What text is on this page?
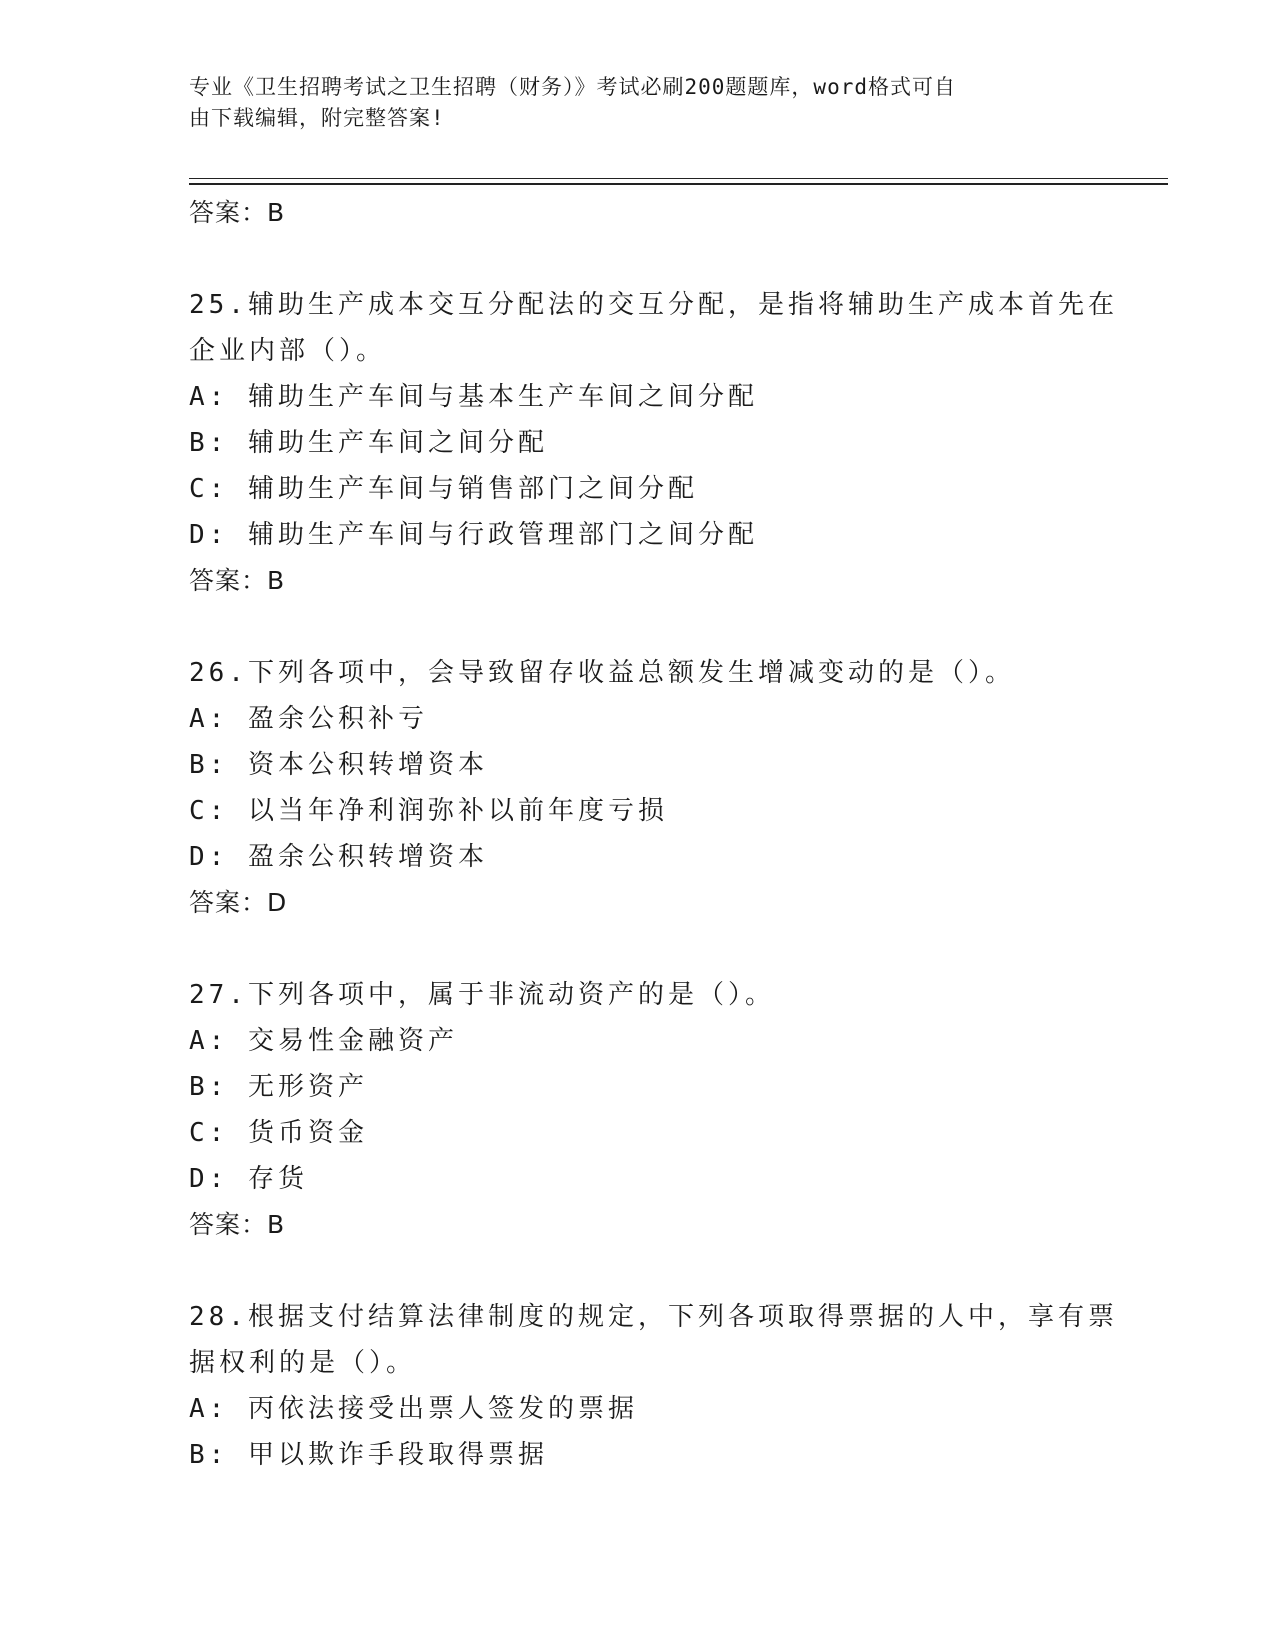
专业《卫生招聘考试之卫生招聘（财务）》考试必刷200题题库，word格式可自
由下载编辑，附完整答案!
答案：B
25.辅助生产成本交互分配法的交互分配，是指将辅助生产成本首先在
企业内部（）。
A: 辅助生产车间与基本生产车间之间分配
B: 辅助生产车间之间分配
C: 辅助生产车间与销售部门之间分配
D: 辅助生产车间与行政管理部门之间分配
答案：B
26.下列各项中，会导致留存收益总额发生增减变动的是（）。
A: 盈余公积补亏
B: 资本公积转增资本
C: 以当年净利润弥补以前年度亏损
D: 盈余公积转增资本
答案：D
27.下列各项中，属于非流动资产的是（）。
A: 交易性金融资产
B: 无形资产
C: 货币资金
D: 存货
答案：B
28.根据支付结算法律制度的规定，下列各项取得票据的人中，享有票
据权利的是（）。
A: 丙依法接受出票人签发的票据
B: 甲以欺诈手段取得票据
